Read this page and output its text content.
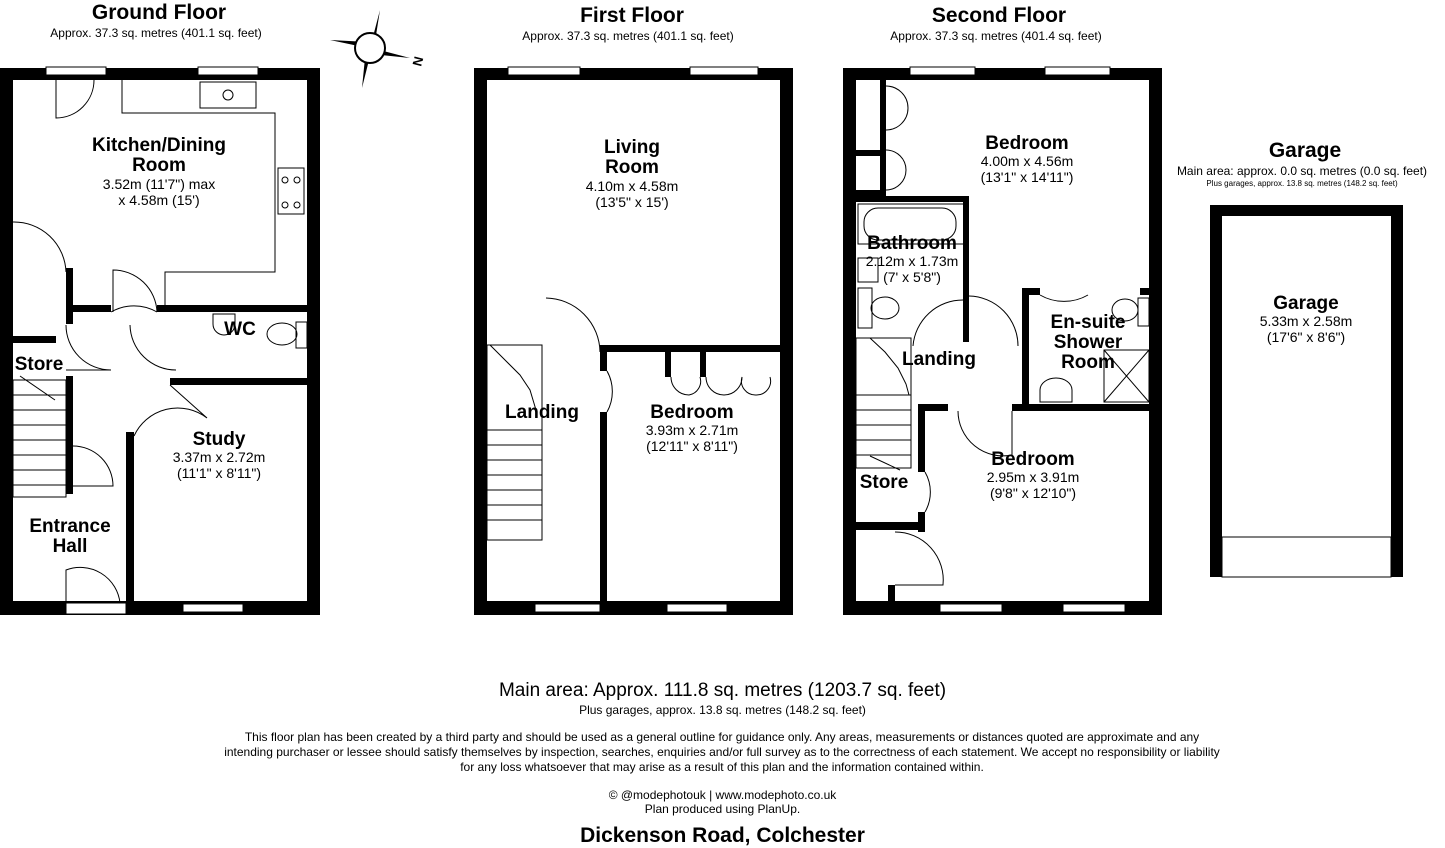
Ground Floor
Approx. 37.3 sq. metres (401.1 sq. feet)
Kitchen/Dining
Room
3.52m (11'7") max
x 4.58m (15')
WC
Store
Study
3.37m x 2.72m
(11'1" x 8'11")
Entrance
Hall
N
First Floor
Approx. 37.3 sq. metres (401.1 sq. feet)
Living
Room
4.10m x 4.58m
(13'5" x 15')
Landing	Bedroom
3.93m x 2.71m
(12'11" x 8'11")
Second Floor
Approx. 37.3 sq. metres (401.4 sq. feet)
Bedroom
4.00m x 4.56m
(13'1" x 14'11")
Bathroom
2.12m x 1.73m
(7' x 5'8")
En-suite
Shower
Room
Landing
Store
Bedroom
2.95m x 3.91m
(9'8" x 12'10")
Garage
Main area: approx. 0.0 sq. metres (0.0 sq. feet)
Plus garages, approx. 13.8 sq. metres (148.2 sq. feet)
Garage
5.33m x 2.58m
(17'6" x 8'6")
Main area: Approx. 111.8 sq. metres (1203.7 sq. feet)
Plus garages, approx. 13.8 sq. metres (148.2 sq. feet)
This floor plan has been created by a third party and should be used as a general outline for guidance only. Any areas, measurements or distances quoted are approximate and any intending purchaser or lessee should satisfy themselves by inspection, searches, enquiries and/or full survey as to the correctness of each statement. We accept no responsibility or liability for any loss whatsoever that may arise as a result of this plan and the information contained within.
© @modephotouk | www.modephoto.co.uk
Plan produced using PlanUp.
Dickenson Road, Colchester
